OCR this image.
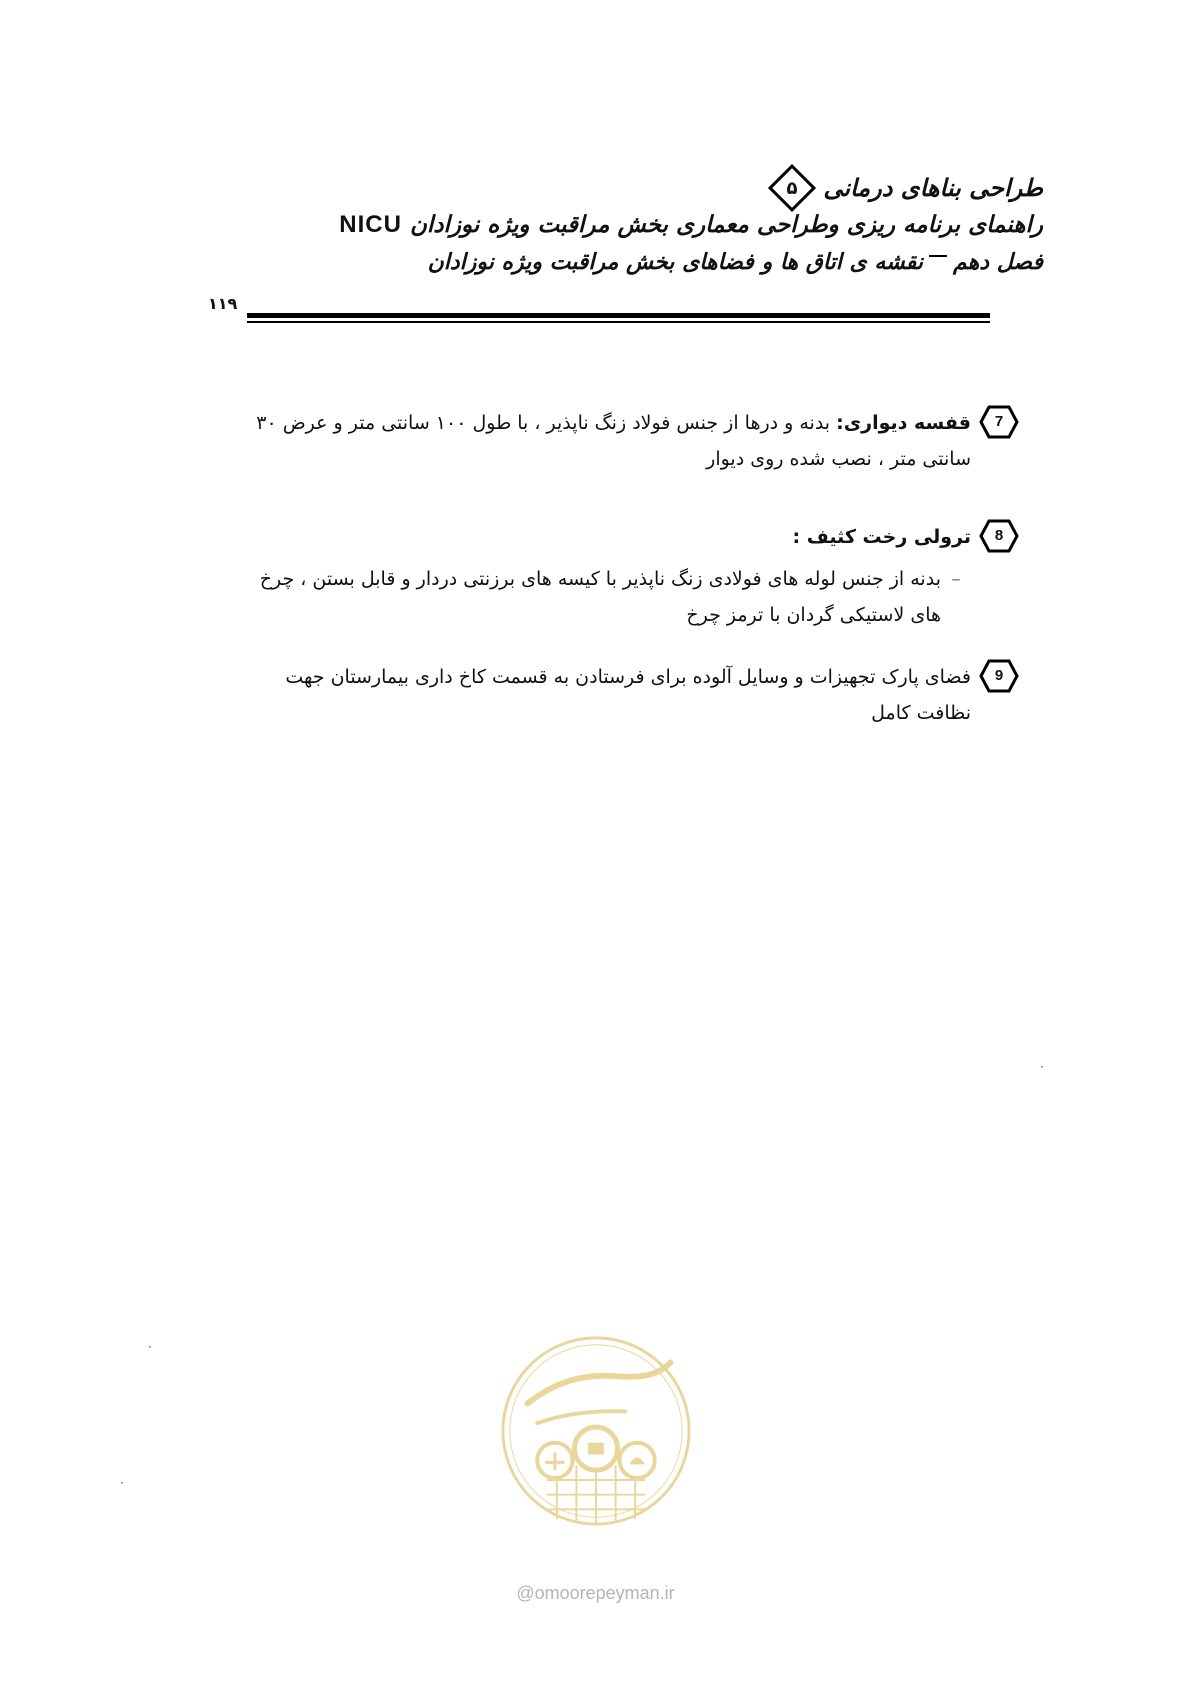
طراحی بناهای درمانی
۵
راهنمای برنامه ریزی وطراحی معماری بخش مراقبت ویژه نوزادان
NICU
فصل دهم
نقشه ی اتاق ها و فضاهای بخش مراقبت ویژه نوزادان
۱۱۹
7
قفسه دیواری: بدنه و درها از جنس فولاد زنگ ناپذیر ، با طول ۱۰۰ سانتی متر و عرض ۳۰ سانتی متر ، نصب شده روی دیوار
8
ترولی رخت کثیف :
–
بدنه از جنس لوله های فولادی زنگ ناپذیر با کیسه های برزنتی دردار و قابل بستن ، چرخ های لاستیکی گردان با ترمز چرخ
9
فضای پارک تجهیزات و وسایل آلوده برای فرستادن به قسمت کاخ داری بیمارستان جهت نظافت کامل
·
·
·
@omoorepeyman.ir
